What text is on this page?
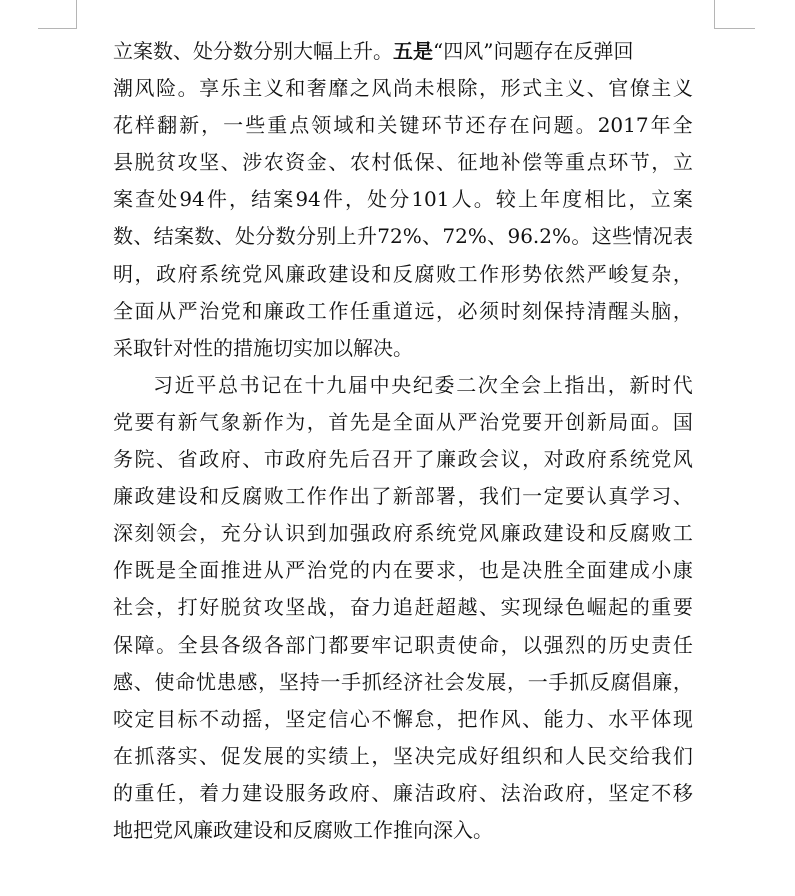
立案数、处分数分别大幅上升。五是“四风”问题存在反弹回
潮 风 险 。 享 乐 主 义 和 奢 靡 之 风 尚 未 根 除 ， 形 式 主 义 、 官 僚 主 义
花 样 翻 新 ， 一 些 重 点 领 域 和 关 键 环 节 还 存 在 问 题 。 2017 年 全
县 脱 贫 攻 坚 、 涉 农 资 金 、 农 村 低 保 、 征 地 补 偿 等 重 点 环 节 ， 立
案 查 处 94 件 ， 结 案 94 件 ， 处 分 101 人 。 较 上 年 度 相 比 ， 立 案
数 、 结 案 数 、 处 分 数 分 别 上 升 72% 、 72% 、 96.2% 。 这 些 情 况 表
明 ， 政 府 系 统 党 风 廉 政 建 设 和 反 腐 败 工 作 形 势 依 然 严 峻 复 杂 ，
全 面 从 严 治 党 和 廉 政 工 作 任 重 道 远 ， 必 须 时 刻 保 持 清 醒 头 脑 ，
采取针对性的措施切实加以解决。
习 近 平 总 书 记 在 十 九 届 中 央 纪 委 二 次 全 会 上 指 出 ， 新 时 代
党 要 有 新 气 象 新 作 为 ， 首 先 是 全 面 从 严 治 党 要 开 创 新 局 面 。 国
务 院 、 省 政 府 、 市 政 府 先 后 召 开 了 廉 政 会 议 ， 对 政 府 系 统 党 风
廉 政 建 设 和 反 腐 败 工 作 作 出 了 新 部 署 ， 我 们 一 定 要 认 真 学 习 、
深 刻 领 会 ， 充 分 认 识 到 加 强 政 府 系 统 党 风 廉 政 建 设 和 反 腐 败 工
作 既 是 全 面 推 进 从 严 治 党 的 内 在 要 求 ， 也 是 决 胜 全 面 建 成 小 康
社 会 ， 打 好 脱 贫 攻 坚 战 ， 奋 力 追 赶 超 越 、 实 现 绿 色 崛 起 的 重 要
保 障 。 全 县 各 级 各 部 门 都 要 牢 记 职 责 使 命 ， 以 强 烈 的 历 史 责 任
感 、 使 命 忧 患 感 ， 坚 持 一 手 抓 经 济 社 会 发 展 ， 一 手 抓 反 腐 倡 廉 ，
咬 定 目 标 不 动 摇 ， 坚 定 信 心 不 懈 怠 ， 把 作 风 、 能 力 、 水 平 体 现
在 抓 落 实 、 促 发 展 的 实 绩 上 ， 坚 决 完 成 好 组 织 和 人 民 交 给 我 们
的 重 任 ， 着 力 建 设 服 务 政 府 、 廉 洁 政 府 、 法 治 政 府 ， 坚 定 不 移
地把党风廉政建设和反腐败工作推向深入。
